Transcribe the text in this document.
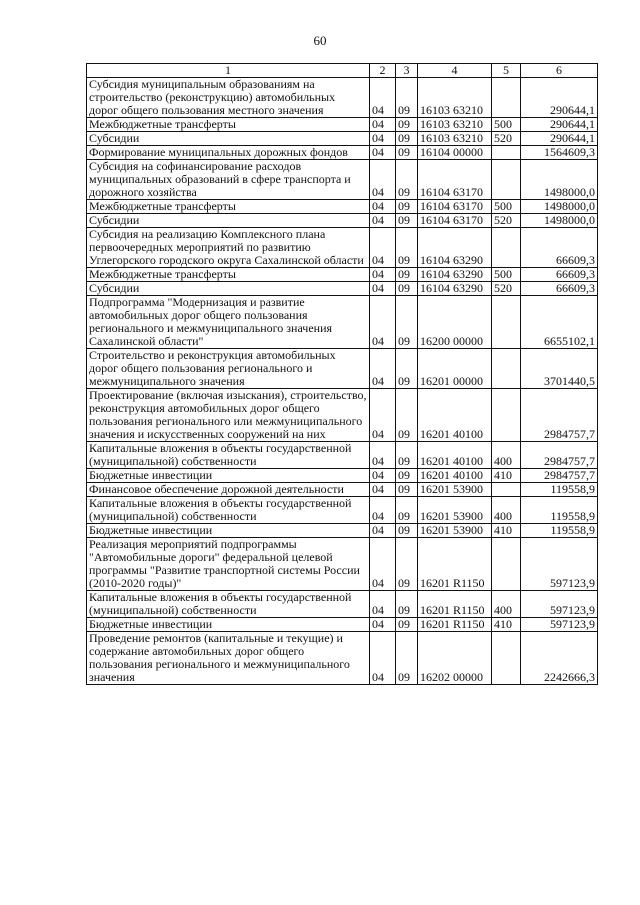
60
1	2	3	4	5	6
Субсидия муниципальным образованиям на строительство (реконструкцию) автомобильных дорог общего пользования местного значения	04	09	16103 63210		290644,1
Межбюджетные трансферты	04	09	16103 63210	500	290644,1
Субсидии	04	09	16103 63210	520	290644,1
Формирование муниципальных дорожных фондов	04	09	16104 00000		1564609,3
Субсидия на софинансирование расходов муниципальных образований в сфере транспорта и дорожного хозяйства	04	09	16104 63170		1498000,0
Межбюджетные трансферты	04	09	16104 63170	500	1498000,0
Субсидии	04	09	16104 63170	520	1498000,0
Субсидия на реализацию Комплексного плана первоочередных мероприятий по развитию Углегорского городского округа Сахалинской области	04	09	16104 63290		66609,3
Межбюджетные трансферты	04	09	16104 63290	500	66609,3
Субсидии	04	09	16104 63290	520	66609,3
Подпрограмма "Модернизация и развитие автомобильных дорог общего пользования регионального и межмуниципального значения Сахалинской области"	04	09	16200 00000		6655102,1
Строительство и реконструкция автомобильных дорог общего пользования регионального и межмуниципального значения	04	09	16201 00000		3701440,5
Проектирование (включая изыскания), строительство, реконструкция автомобильных дорог общего пользования регионального или межмуниципального значения и искусственных сооружений на них	04	09	16201 40100		2984757,7
Капитальные вложения в объекты государственной (муниципальной) собственности	04	09	16201 40100	400	2984757,7
Бюджетные инвестиции	04	09	16201 40100	410	2984757,7
Финансовое обеспечение дорожной деятельности	04	09	16201 53900		119558,9
Капитальные вложения в объекты государственной (муниципальной) собственности	04	09	16201 53900	400	119558,9
Бюджетные инвестиции	04	09	16201 53900	410	119558,9
Реализация мероприятий подпрограммы "Автомобильные дороги" федеральной целевой программы "Развитие транспортной системы России (2010-2020 годы)"	04	09	16201 R1150		597123,9
Капитальные вложения в объекты государственной (муниципальной) собственности	04	09	16201 R1150	400	597123,9
Бюджетные инвестиции	04	09	16201 R1150	410	597123,9
Проведение ремонтов (капитальные и текущие) и содержание автомобильных дорог общего пользования регионального и межмуниципального значения	04	09	16202 00000		2242666,3
